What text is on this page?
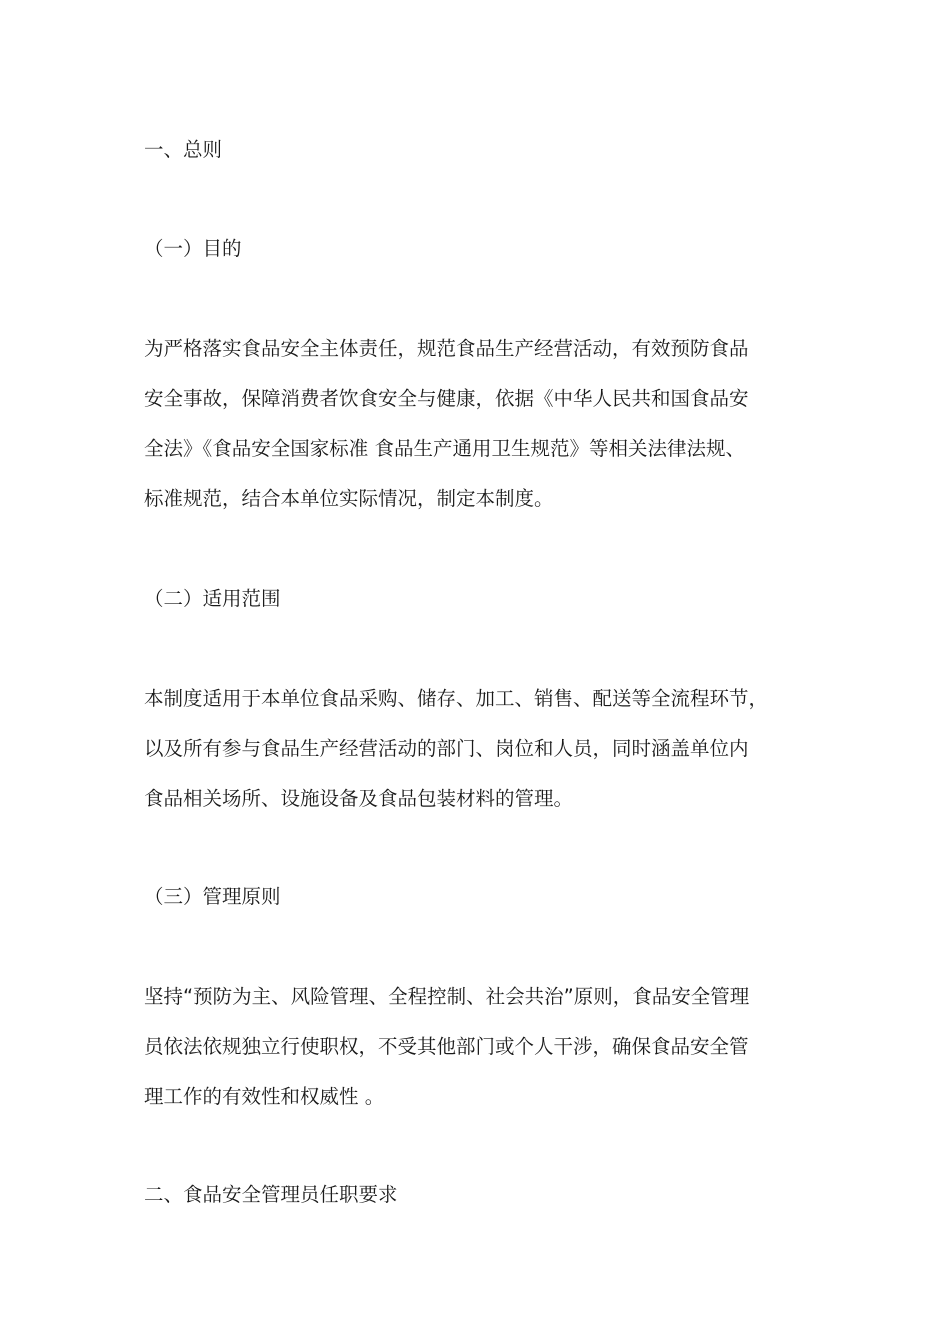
一、总则
（一）目的
为严格落实食品安全主体责任，规范食品生产经营活动，有效预防食品
安全事故，保障消费者饮食安全与健康，依据《中华人民共和国食品安
全法》《食品安全国家标准 食品生产通用卫生规范》等相关法律法规、
标准规范，结合本单位实际情况，制定本制度。
（二）适用范围
本制度适用于本单位食品采购、储存、加工、销售、配送等全流程环节，
以及所有参与食品生产经营活动的部门、岗位和人员，同时涵盖单位内
食品相关场所、设施设备及食品包装材料的管理。
（三）管理原则
坚持“预防为主、风险管理、全程控制、社会共治”原则，食品安全管理
员依法依规独立行使职权，不受其他部门或个人干涉，确保食品安全管
理工作的有效性和权威性 。
二、食品安全管理员任职要求
